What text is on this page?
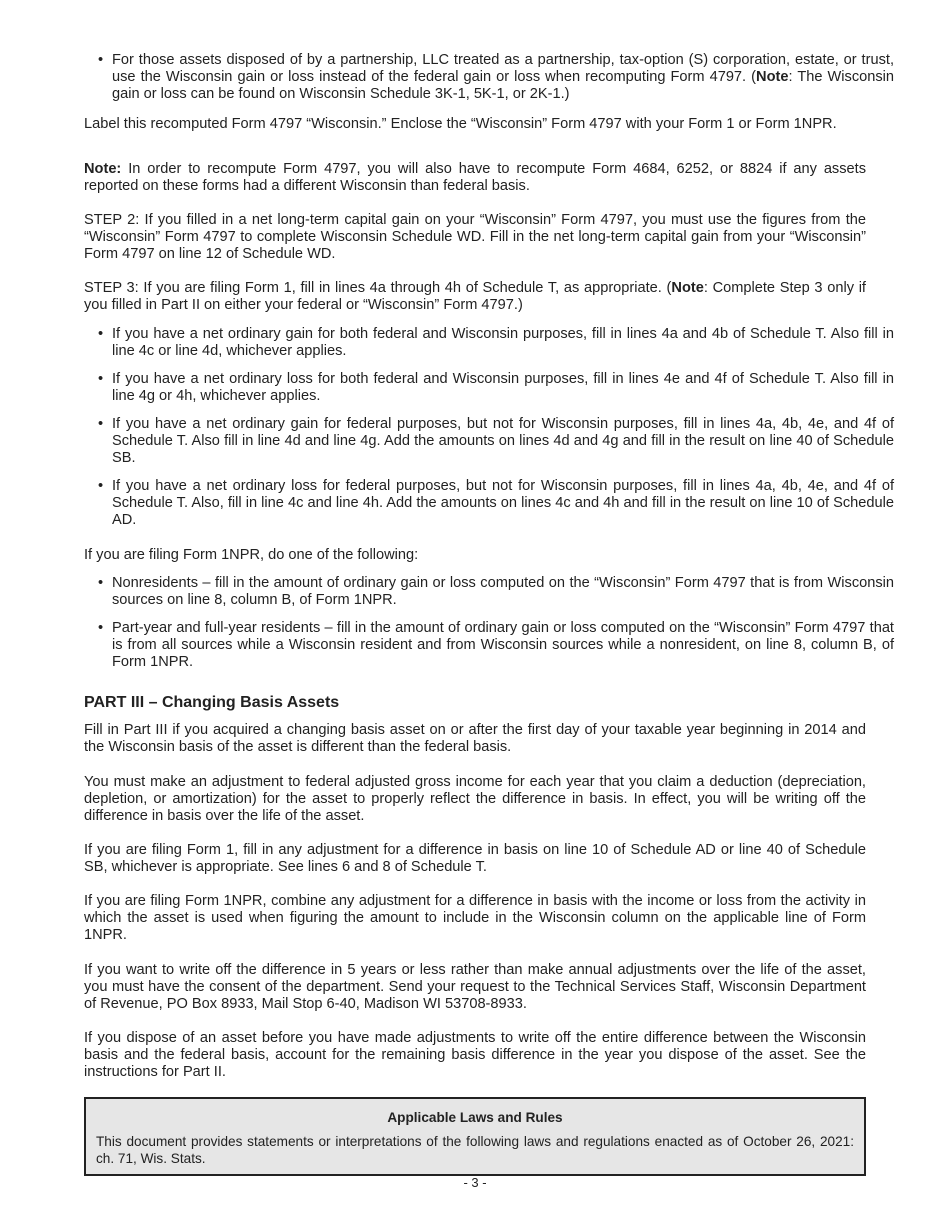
• For those assets disposed of by a partnership, LLC treated as a partnership, tax-option (S) corporation, estate, or trust, use the Wisconsin gain or loss instead of the federal gain or loss when recomputing Form 4797. (Note: The Wisconsin gain or loss can be found on Wisconsin Schedule 3K-1, 5K-1, or 2K-1.)

Label this recomputed Form 4797 “Wisconsin.” Enclose the “Wisconsin” Form 4797 with your Form 1 or Form 1NPR.

Note: In order to recompute Form 4797, you will also have to recompute Form 4684, 6252, or 8824 if any assets reported on these forms had a different Wisconsin than federal basis.

STEP 2: If you filled in a net long-term capital gain on your “Wisconsin” Form 4797, you must use the figures from the “Wisconsin” Form 4797 to complete Wisconsin Schedule WD. Fill in the net long-term capital gain from your “Wisconsin” Form 4797 on line 12 of Schedule WD.

STEP 3: If you are filing Form 1, fill in lines 4a through 4h of Schedule T, as appropriate. (Note: Complete Step 3 only if you filled in Part II on either your federal or “Wisconsin” Form 4797.)

• If you have a net ordinary gain for both federal and Wisconsin purposes, fill in lines 4a and 4b of Schedule T. Also fill in line 4c or line 4d, whichever applies.
• If you have a net ordinary loss for both federal and Wisconsin purposes, fill in lines 4e and 4f of Schedule T. Also fill in line 4g or 4h, whichever applies.
• If you have a net ordinary gain for federal purposes, but not for Wisconsin purposes, fill in lines 4a, 4b, 4e, and 4f of Schedule T. Also fill in line 4d and line 4g. Add the amounts on lines 4d and 4g and fill in the result on line 40 of Schedule SB.
• If you have a net ordinary loss for federal purposes, but not for Wisconsin purposes, fill in lines 4a, 4b, 4e, and 4f of Schedule T. Also, fill in line 4c and line 4h. Add the amounts on lines 4c and 4h and fill in the result on line 10 of Schedule AD.

If you are filing Form 1NPR, do one of the following:

• Nonresidents – fill in the amount of ordinary gain or loss computed on the “Wisconsin” Form 4797 that is from Wisconsin sources on line 8, column B, of Form 1NPR.
• Part-year and full-year residents – fill in the amount of ordinary gain or loss computed on the “Wisconsin” Form 4797 that is from all sources while a Wisconsin resident and from Wisconsin sources while a nonresident, on line 8, column B, of Form 1NPR.
PART III – Changing Basis Assets

Fill in Part III if you acquired a changing basis asset on or after the first day of your taxable year beginning in 2014 and the Wisconsin basis of the asset is different than the federal basis.

You must make an adjustment to federal adjusted gross income for each year that you claim a deduction (depreciation, depletion, or amortization) for the asset to properly reflect the difference in basis. In effect, you will be writing off the difference in basis over the life of the asset.

If you are filing Form 1, fill in any adjustment for a difference in basis on line 10 of Schedule AD or line 40 of Schedule SB, whichever is appropriate. See lines 6 and 8 of Schedule T.

If you are filing Form 1NPR, combine any adjustment for a difference in basis with the income or loss from the activity in which the asset is used when figuring the amount to include in the Wisconsin column on the applicable line of Form 1NPR.

If you want to write off the difference in 5 years or less rather than make annual adjustments over the life of the asset, you must have the consent of the department. Send your request to the Technical Services Staff, Wisconsin Department of Revenue, PO Box 8933, Mail Stop 6-40, Madison WI 53708-8933.

If you dispose of an asset before you have made adjustments to write off the entire difference between the Wisconsin basis and the federal basis, account for the remaining basis difference in the year you dispose of the asset. See the instructions for Part II.

Applicable Laws and Rules
This document provides statements or interpretations of the following laws and regulations enacted as of October 26, 2021: ch. 71, Wis. Stats.
- 3 -
